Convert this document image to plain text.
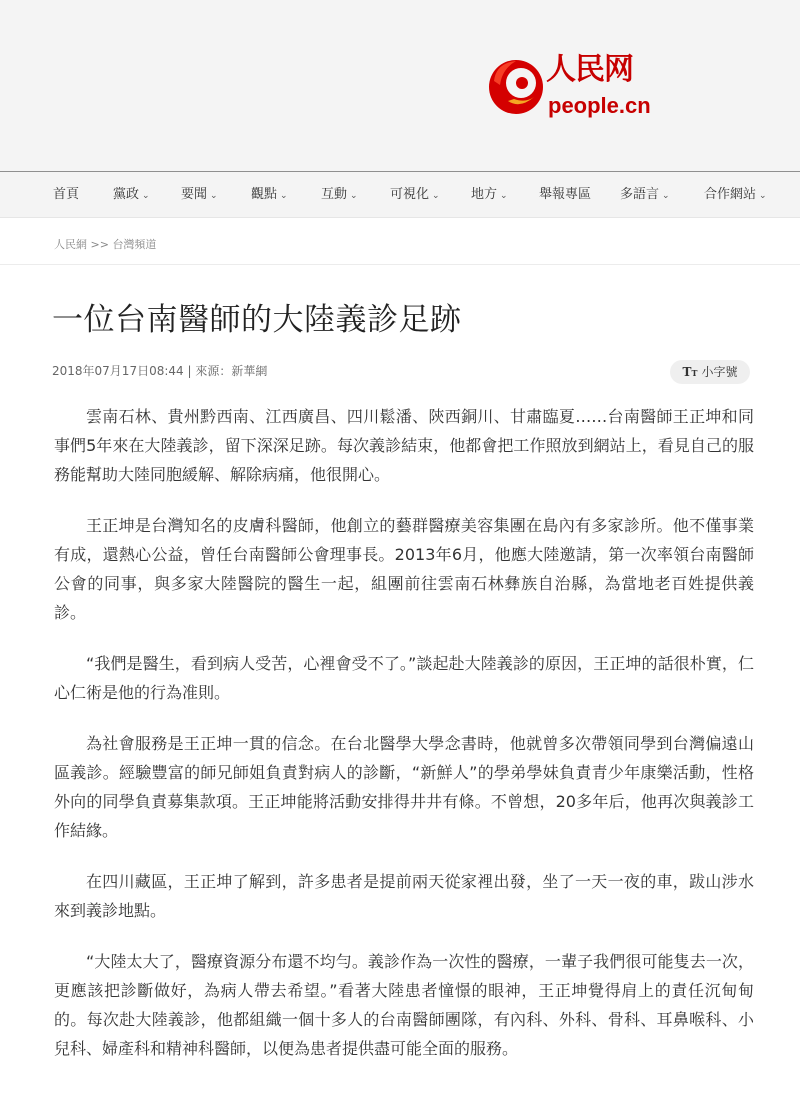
人民网
people.cn
首頁	黨政 ⌄ 要聞 ⌄	觀點 ⌄	互動 ⌄ 可視化 ⌄ 地方 ⌄ 舉報專區 多語言 ⌄	合作網站 ⌄
人民網 >> 台灣頻道
一位台南醫師的大陸義診足跡
2018年07月17日08:44 | 來源：新華網	TT 小字號

雲南石林、貴州黔西南、江西廣昌、四川鬆潘、陝西銅川、甘肅臨夏……台南醫師王正坤和同事們5年來在大陸義診，留下深深足跡。每次義診結束，他都會把工作照放到網站上，看見自己的服務能幫助大陸同胞緩解、解除病痛，他很開心。

王正坤是台灣知名的皮膚科醫師，他創立的藝群醫療美容集團在島內有多家診所。他不僅事業有成，還熱心公益，曾任台南醫師公會理事長。2013年6月，他應大陸邀請，第一次率領台南醫師公會的同事，與多家大陸醫院的醫生一起，組團前往雲南石林彝族自治縣，為當地老百姓提供義診。

“我們是醫生，看到病人受苦，心裡會受不了。”談起赴大陸義診的原因，王正坤的話很朴實，仁心仁術是他的行為准則。

為社會服務是王正坤一貫的信念。在台北醫學大學念書時，他就曾多次帶領同學到台灣偏遠山區義診。經驗豐富的師兄師姐負責對病人的診斷，“新鮮人”的學弟學妹負責青少年康樂活動，性格外向的同學負責募集款項。王正坤能將活動安排得井井有條。不曾想，20多年后，他再次與義診工作結緣。

在四川藏區，王正坤了解到，許多患者是提前兩天從家裡出發，坐了一天一夜的車，跋山涉水來到義診地點。

“大陸太大了，醫療資源分布還不均勻。義診作為一次性的醫療，一輩子我們很可能隻去一次，更應該把診斷做好，為病人帶去希望。”看著大陸患者憧憬的眼神，王正坤覺得肩上的責任沉甸甸的。每次赴大陸義診，他都組織一個十多人的台南醫師團隊，有內科、外科、骨科、耳鼻喉科、小兒科、婦產科和精神科醫師，以便為患者提供盡可能全面的服務。
